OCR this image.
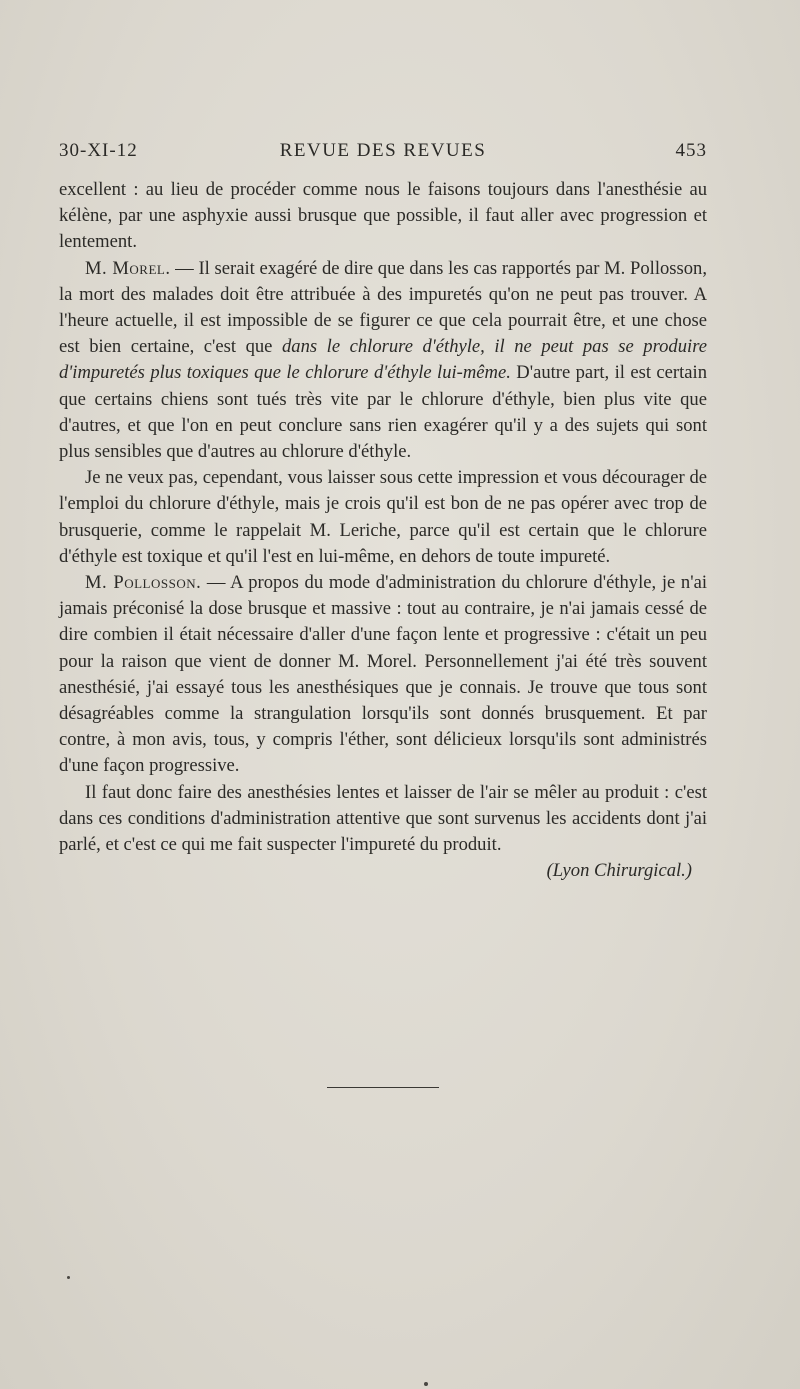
30-XI-12	REVUE DES REVUES	453

excellent : au lieu de procéder comme nous le faisons toujours dans l'anesthésie au kélène, par une asphyxie aussi brusque que possible, il faut aller avec progression et lentement.

M. Morel. — Il serait exagéré de dire que dans les cas rapportés par M. Pollosson, la mort des malades doit être attribuée à des impuretés qu'on ne peut pas trouver. A l'heure actuelle, il est impossible de se figurer ce que cela pourrait être, et une chose est bien certaine, c'est que dans le chlorure d'éthyle, il ne peut pas se produire d'impuretés plus toxiques que le chlorure d'éthyle lui-même. D'autre part, il est certain que certains chiens sont tués très vite par le chlorure d'éthyle, bien plus vite que d'autres, et que l'on en peut conclure sans rien exagérer qu'il y a des sujets qui sont plus sensibles que d'autres au chlorure d'éthyle.

Je ne veux pas, cependant, vous laisser sous cette impression et vous décourager de l'emploi du chlorure d'éthyle, mais je crois qu'il est bon de ne pas opérer avec trop de brusquerie, comme le rappelait M. Leriche, parce qu'il est certain que le chlorure d'éthyle est toxique et qu'il l'est en lui-même, en dehors de toute impureté.

M. Pollosson. — A propos du mode d'administration du chlorure d'éthyle, je n'ai jamais préconisé la dose brusque et massive : tout au contraire, je n'ai jamais cessé de dire combien il était nécessaire d'aller d'une façon lente et progressive : c'était un peu pour la raison que vient de donner M. Morel. Personnellement j'ai été très souvent anesthésié, j'ai essayé tous les anesthésiques que je connais. Je trouve que tous sont désagréables comme la strangulation lorsqu'ils sont donnés brusquement. Et par contre, à mon avis, tous, y compris l'éther, sont délicieux lorsqu'ils sont administrés d'une façon progressive.

Il faut donc faire des anesthésies lentes et laisser de l'air se mêler au produit : c'est dans ces conditions d'administration attentive que sont survenus les accidents dont j'ai parlé, et c'est ce qui me fait suspecter l'impureté du produit.

(Lyon Chirurgical.)
